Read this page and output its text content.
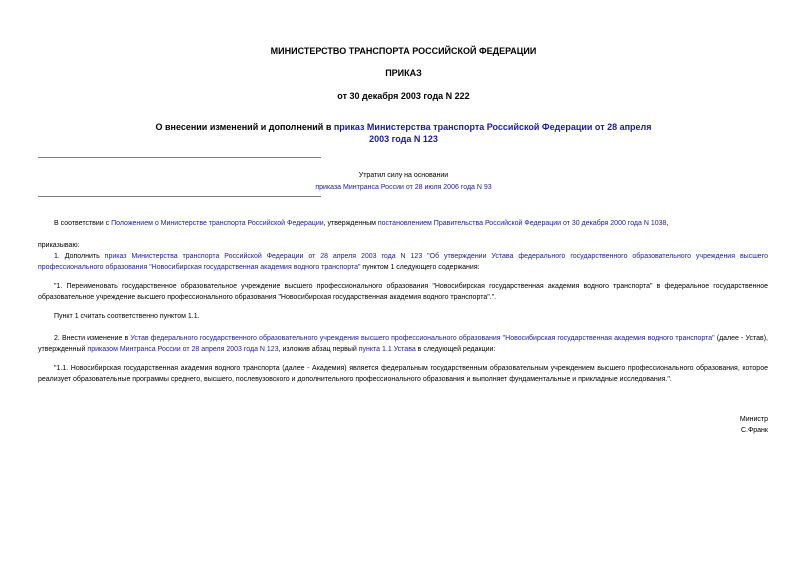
МИНИСТЕРСТВО ТРАНСПОРТА РОССИЙСКОЙ ФЕДЕРАЦИИ
ПРИКАЗ
от 30 декабря 2003 года N 222
О внесении изменений и дополнений в приказ Министерства транспорта Российской Федерации от 28 апреля 2003 года N 123
Утратил силу на основании
приказа Минтранса России от 28 июля 2006 года N 93
В соответствии с Положением о Министерстве транспорта Российской Федерации, утвержденным постановлением Правительства Российской Федерации от 30 декабря 2000 года N 1038,
приказываю:
1. Дополнить приказ Министерства транспорта Российской Федерации от 28 апреля 2003 года N 123 "Об утверждении Устава федерального государственного образовательного учреждения высшего профессионального образования "Новосибирская государственная академия водного транспорта" пунктом 1 следующего содержания:
"1. Переименовать государственное образовательное учреждение высшего профессионального образования "Новосибирская государственная академия водного транспорта" в федеральное государственное образовательное учреждение высшего профессионального образования "Новосибирская государственная академия водного транспорта".".
Пункт 1 считать соответственно пунктом 1.1.
2. Внести изменение в Устав федерального государственного образовательного учреждения высшего профессионального образования "Новосибирская государственная академия водного транспорта" (далее - Устав), утвержденный приказом Минтранса России от 28 апреля 2003 года N 123, изложив абзац первый пункта 1.1 Устава в следующей редакции:
"1.1. Новосибирская государственная академия водного транспорта (далее - Академия) является федеральным государственным образовательным учреждением высшего профессионального образования, которое реализует образовательные программы среднего, высшего, послевузовского и дополнительного профессионального образования и выполняет фундаментальные и прикладные исследования.".
Министр
С.Франк
